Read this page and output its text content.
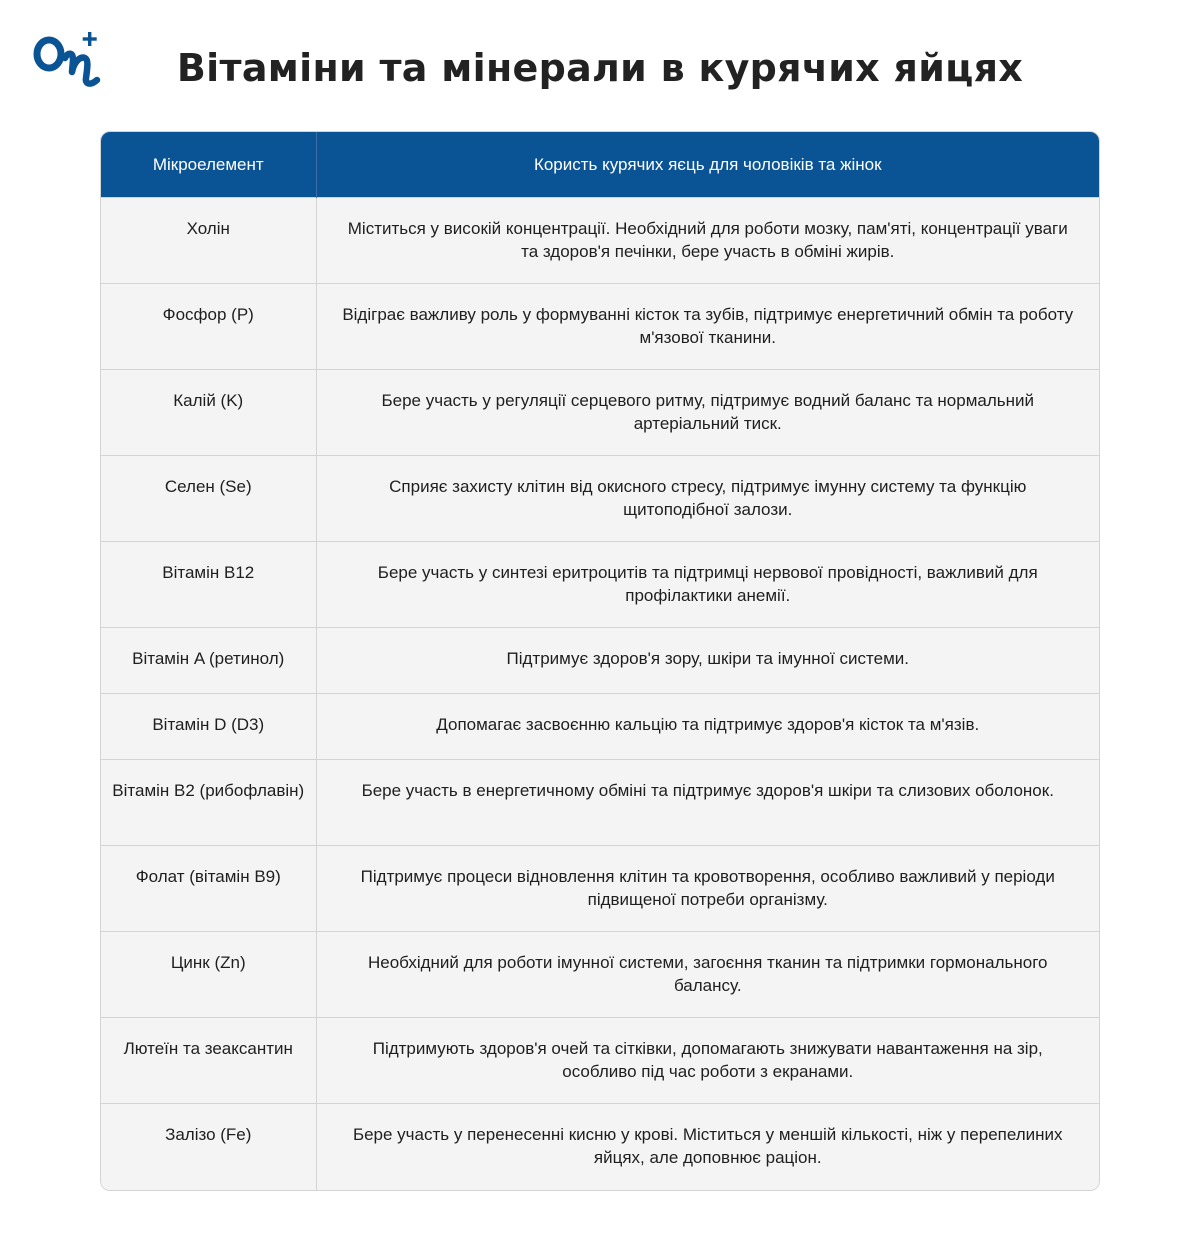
Вітаміни та мінерали в курячих яйцях
Мікроелемент	Користь курячих яєць для чоловіків та жінок
Холін	Міститься у високій концентрації. Необхідний для роботи мозку, пам'яті, концентрації уваги та здоров'я печінки, бере участь в обміні жирів.
Фосфор (P)	Відіграє важливу роль у формуванні кісток та зубів, підтримує енергетичний обмін та роботу м'язової тканини.
Калій (K)	Бере участь у регуляції серцевого ритму, підтримує водний баланс та нормальний артеріальний тиск.
Селен (Se)	Сприяє захисту клітин від окисного стресу, підтримує імунну систему та функцію щитоподібної залози.
Вітамін B12	Бере участь у синтезі еритроцитів та підтримці нервової провідності, важливий для профілактики анемії.
Вітамін A (ретинол)	Підтримує здоров'я зору, шкіри та імунної системи.
Вітамін D (D3)	Допомагає засвоєнню кальцію та підтримує здоров'я кісток та м'язів.
Вітамін B2 (рибофлавін)	Бере участь в енергетичному обміні та підтримує здоров'я шкіри та слизових оболонок.
Фолат (вітамін B9)	Підтримує процеси відновлення клітин та кровотворення, особливо важливий у періоди підвищеної потреби організму.
Цинк (Zn)	Необхідний для роботи імунної системи, загоєння тканин та підтримки гормонального балансу.
Лютеїн та зеаксантин	Підтримують здоров'я очей та сітківки, допомагають знижувати навантаження на зір, особливо під час роботи з екранами.
Залізо (Fe)	Бере участь у перенесенні кисню у крові. Міститься у меншій кількості, ніж у перепелиних яйцях, але доповнює раціон.
